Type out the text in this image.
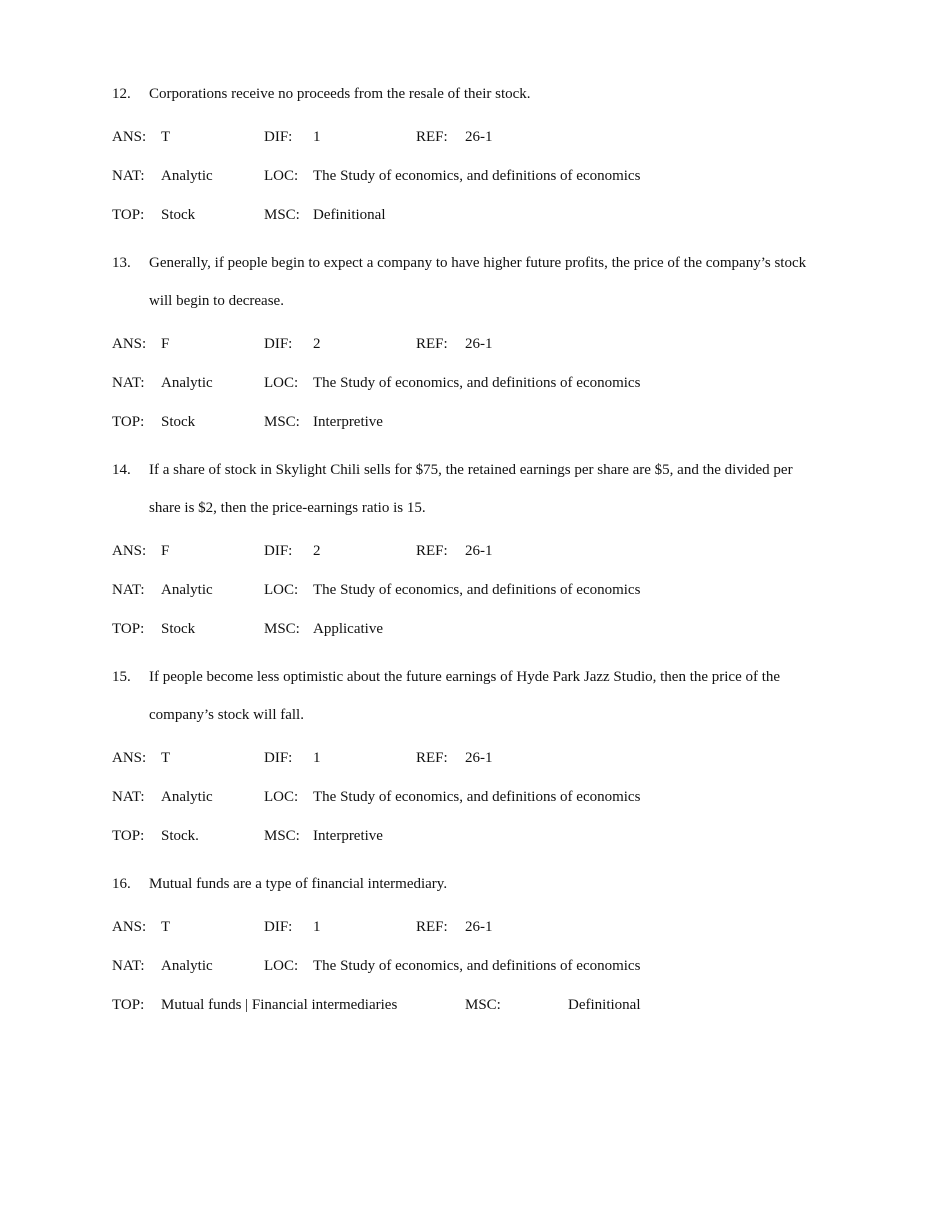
12. Corporations receive no proceeds from the resale of their stock.
ANS: T	DIF: 1	REF: 26-1
NAT: Analytic	LOC: The Study of economics, and definitions of economics
TOP: Stock	MSC: Definitional
13. Generally, if people begin to expect a company to have higher future profits, the price of the company’s stock
will begin to decrease.
ANS: F	DIF: 2	REF: 26-1
NAT: Analytic	LOC: The Study of economics, and definitions of economics
TOP: Stock	MSC: Interpretive
14. If a share of stock in Skylight Chili sells for $75, the retained earnings per share are $5, and the divided per
share is $2, then the price-earnings ratio is 15.
ANS: F	DIF: 2	REF: 26-1
NAT: Analytic	LOC: The Study of economics, and definitions of economics
TOP: Stock	MSC: Applicative
15. If people become less optimistic about the future earnings of Hyde Park Jazz Studio, then the price of the
company’s stock will fall.
ANS: T	DIF: 1	REF: 26-1
NAT: Analytic	LOC: The Study of economics, and definitions of economics
TOP: Stock.	MSC: Interpretive
16. Mutual funds are a type of financial intermediary.
ANS: T	DIF: 1	REF: 26-1
NAT: Analytic	LOC: The Study of economics, and definitions of economics
TOP: Mutual funds | Financial intermediaries	MSC:	Definitional
